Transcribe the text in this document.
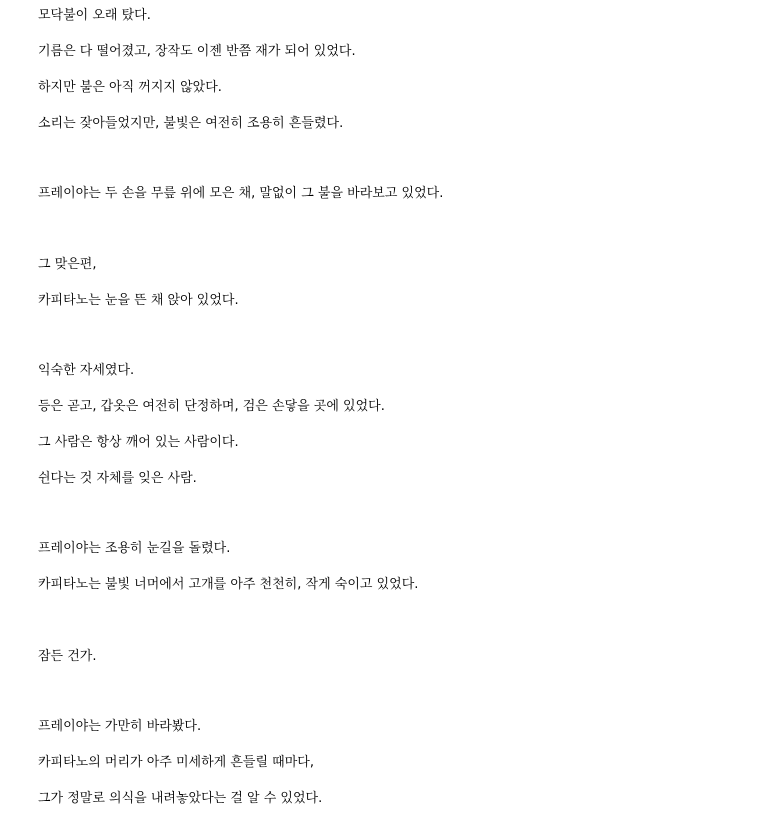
모닥불이 오래 탔다.

기름은 다 떨어졌고, 장작도 이젠 반쯤 재가 되어 있었다.

하지만 불은 아직 꺼지지 않았다.

소리는 잦아들었지만, 불빛은 여전히 조용히 흔들렸다.

프레이야는 두 손을 무릎 위에 모은 채, 말없이 그 불을 바라보고 있었다.

그 맞은편,

카피타노는 눈을 뜬 채 앉아 있었다.

익숙한 자세였다.

등은 곧고, 갑옷은 여전히 단정하며, 검은 손닿을 곳에 있었다.

그 사람은 항상 깨어 있는 사람이다.

쉰다는 것 자체를 잊은 사람.

프레이야는 조용히 눈길을 돌렸다.

카피타노는 불빛 너머에서 고개를 아주 천천히, 작게 숙이고 있었다.

잠든 건가.

프레이야는 가만히 바라봤다.

카피타노의 머리가 아주 미세하게 흔들릴 때마다,

그가 정말로 의식을 내려놓았다는 걸 알 수 있었다.
